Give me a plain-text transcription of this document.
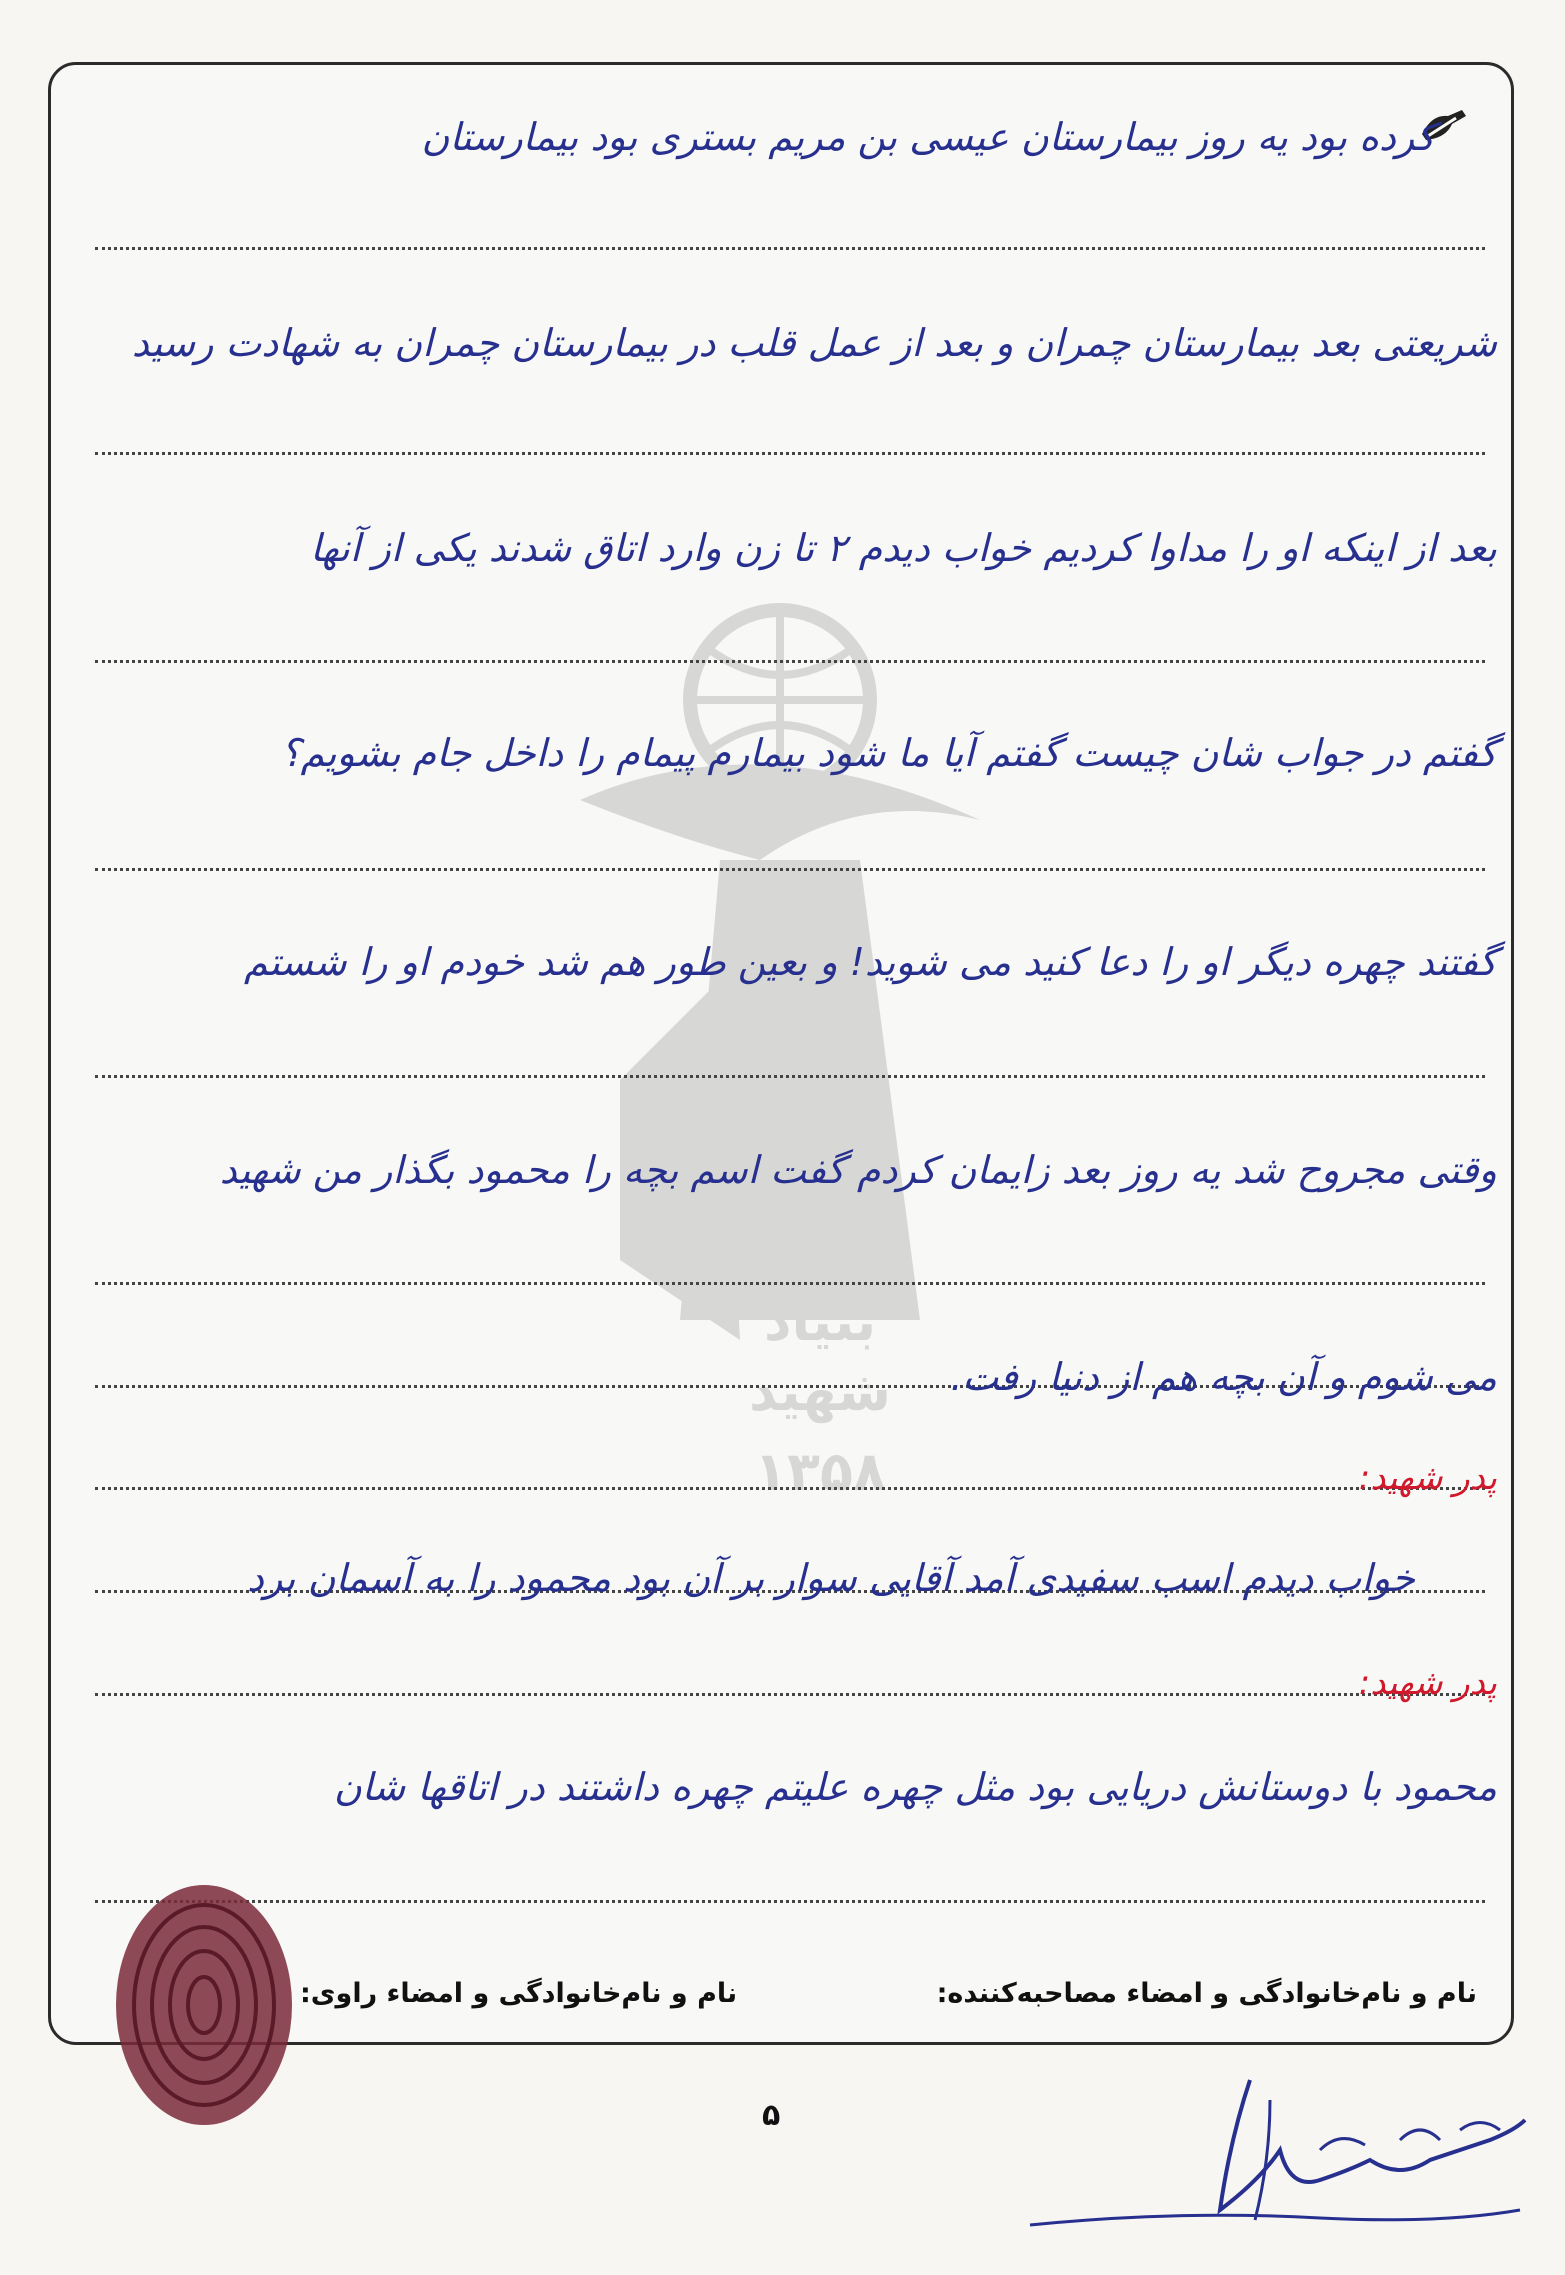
بنیاد
شهید
۱۳۵۸
کرده بود یه روز بیمارستان عیسی بن مریم بستری بود بیمارستان
شریعتی بعد بیمارستان چمران و بعد از عمل قلب در بیمارستان چمران به شهادت رسید
بعد از اینکه او را مداوا کردیم خواب دیدم ۲ تا زن وارد اتاق شدند یکی از آنها
گفتم در جواب شان چیست گفتم آیا ما شود بیمارم پیمام را داخل جام بشویم؟
گفتند چهره دیگر او را دعا کنید می شوید! و بعین طور هم شد خودم او را شستم
وقتی مجروح شد یه روز بعد زایمان کردم گفت اسم بچه را محمود بگذار من شهید
می شوم و آن بچه هم از دنیا رفت.
پدر شهید:
خواب دیدم اسب سفیدی آمد آقایی سوار بر آن بود محمود را به آسمان برد
پدر شهید:
محمود با دوستانش دریایی بود مثل چهره علیتم چهره داشتند در اتاقها شان
نام و نام‌خانوادگی و امضاء مصاحبه‌کننده:
نام و نام‌خانوادگی و امضاء راوی:
۵
